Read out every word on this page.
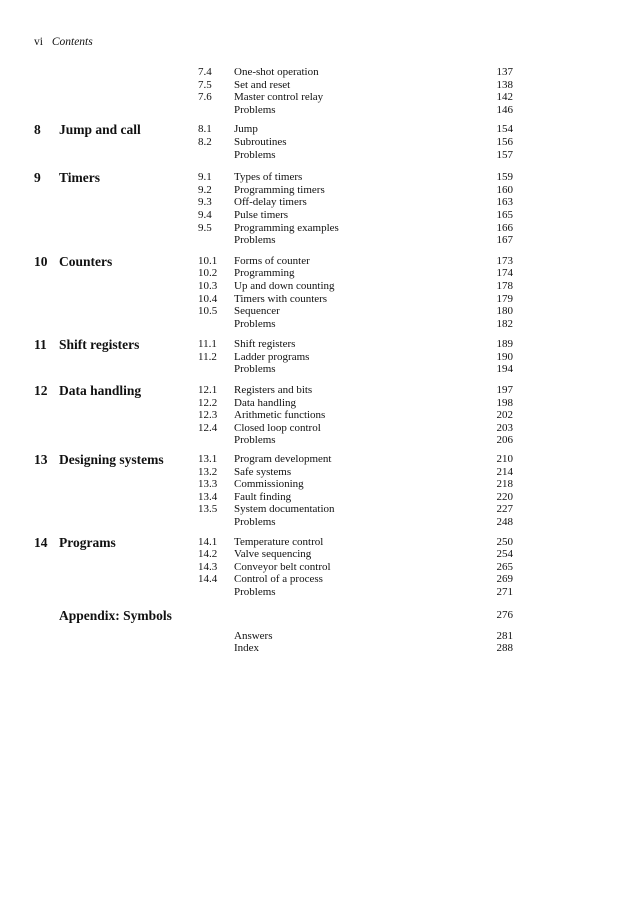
vi Contents
7.4 One-shot operation	137
7.5 Set and reset	138
7.6 Master control relay	142
Problems	146
8 Jump and call	8.1 Jump	154
8.2 Subroutines	156
Problems	157
9 Timers	9.1 Types of timers	159
9.2 Programming timers	160
9.3 Off-delay timers	163
9.4 Pulse timers	165
9.5 Programming examples	166
Problems	167
10 Counters	10.1 Forms of counter	173
10.2 Programming	174
10.3 Up and down counting	178
10.4 Timers with counters	179
10.5 Sequencer	180
Problems	182
11 Shift registers	11.1 Shift registers	189
11.2 Ladder programs	190
Problems	194
12 Data handling	12.1 Registers and bits	197
12.2 Data handling	198
12.3 Arithmetic functions	202
12.4 Closed loop control	203
Problems	206
13 Designing systems	13.1 Program development	210
13.2 Safe systems	214
13.3 Commissioning	218
13.4 Fault finding	220
13.5 System documentation	227
Problems	248
14 Programs	14.1 Temperature control	250
14.2 Valve sequencing	254
14.3 Conveyor belt control	265
14.4 Control of a process	269
Problems	271
Appendix: Symbols	276
Answers	281
Index	288
